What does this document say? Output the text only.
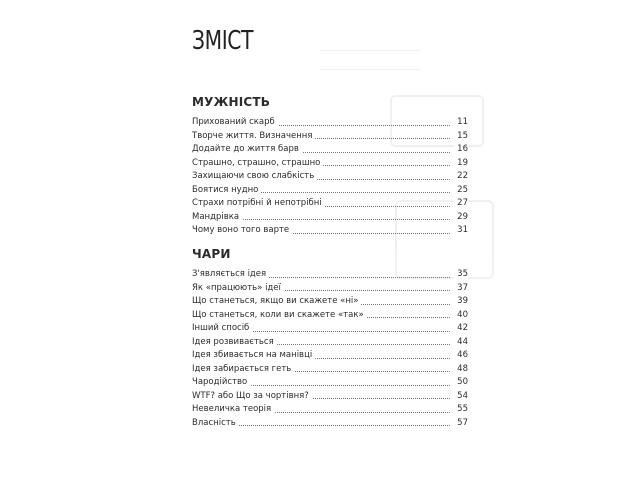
ЗМІСТ
МУЖНІСТЬ
Прихований скарб	11
Творче життя. Визначення	15
Додайте до життя барв	16
Страшно, страшно, страшно	19
Захищаючи свою слабкість	22
Боятися нудно	25
Страхи потрібні й непотрібні	27
Мандрівка	29
Чому воно того варте	31
ЧАРИ
З'являється ідея	35
Як «працюють» ідеї	37
Що станеться, якщо ви скажете «ні»	39
Що станеться, коли ви скажете «так»	40
Інший спосіб	42
Ідея розвивається	44
Ідея збивається на манівці	46
Ідея забирається геть	48
Чародійство	50
WTF? або Що за чортівня?	54
Невеличка теорія	55
Власність	57
